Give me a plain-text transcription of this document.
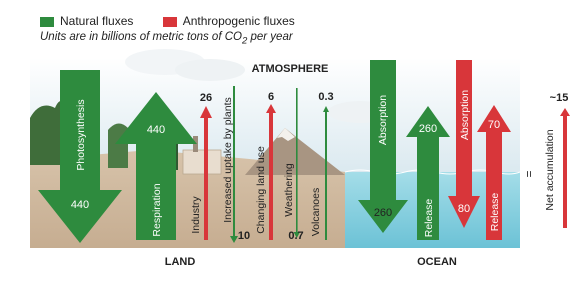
Natural fluxes	Anthropogenic fluxes
Units are in billions of metric tons of $CO_2$ per year
ATMOSPHERE
Photosynthesis
440
440
Respiration
26
Industry Increased uptake by plants
10
6
Changing land use Weathering
0.7
0.3
Volcanoes
Absorption
260
260
Release
Absorption
80
70
Release
=
~15
Net accumulation
LAND	OCEAN
